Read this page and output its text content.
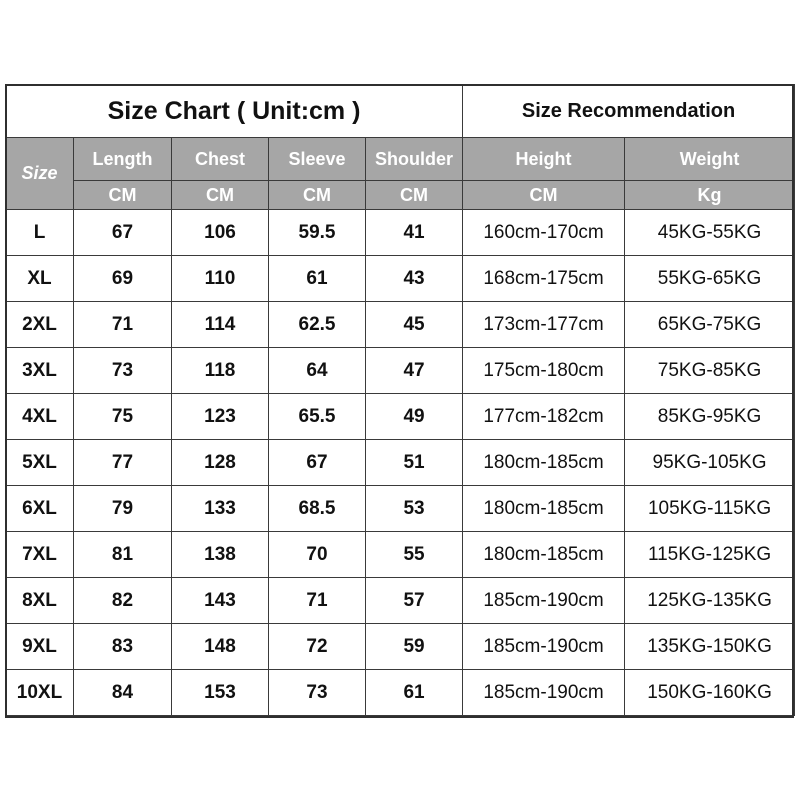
Size Chart ( Unit:cm )					Size Recommendation	
Size	Length	Chest	Sleeve	Shoulder	Height	Weight
	CM	CM	CM	CM	CM	Kg
L	67	106	59.5	41	160cm-170cm	45KG-55KG
XL	69	110	61	43	168cm-175cm	55KG-65KG
2XL	71	114	62.5	45	173cm-177cm	65KG-75KG
3XL	73	118	64	47	175cm-180cm	75KG-85KG
4XL	75	123	65.5	49	177cm-182cm	85KG-95KG
5XL	77	128	67	51	180cm-185cm	95KG-105KG
6XL	79	133	68.5	53	180cm-185cm	105KG-115KG
7XL	81	138	70	55	180cm-185cm	115KG-125KG
8XL	82	143	71	57	185cm-190cm	125KG-135KG
9XL	83	148	72	59	185cm-190cm	135KG-150KG
10XL	84	153	73	61	185cm-190cm	150KG-160KG
